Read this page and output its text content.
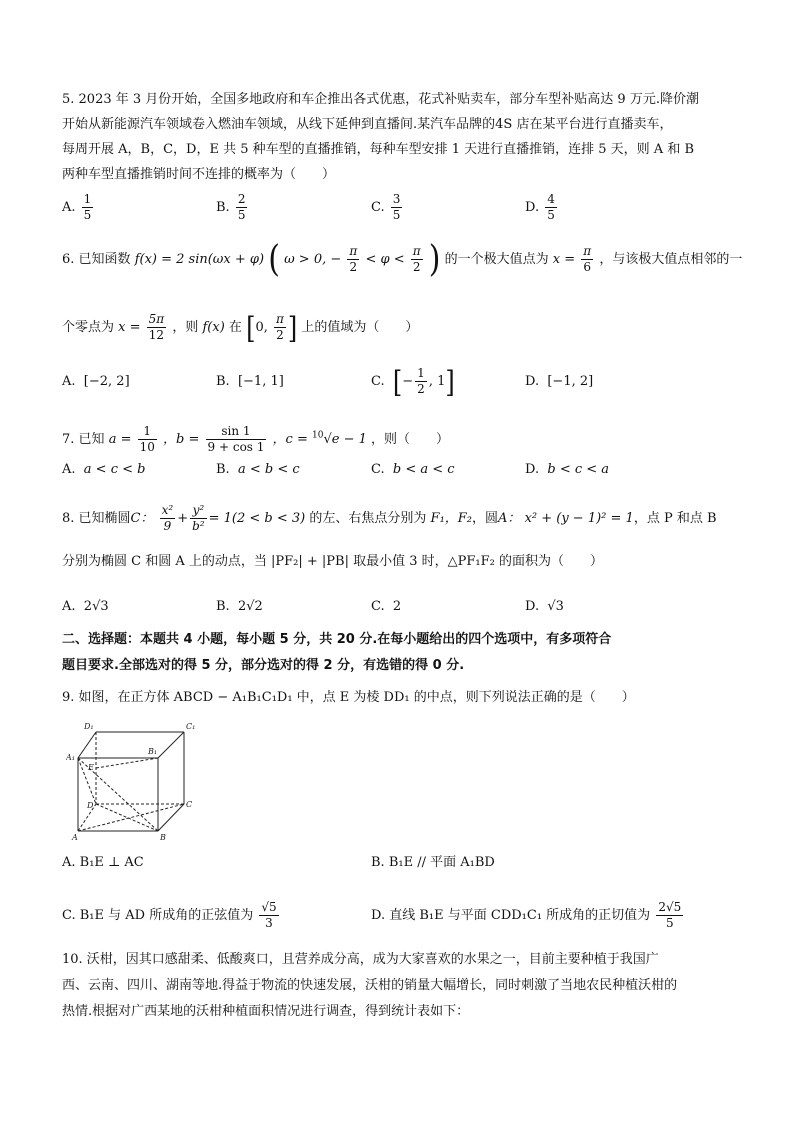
5. 2023 年 3 月份开始，全国多地政府和车企推出各式优惠，花式补贴卖车，部分车型补贴高达 9 万元.降价潮
开始从新能源汽车领域卷入燃油车领域，从线下延伸到直播间.某汽车品牌的4S 店在某平台进行直播卖车，
每周开展 A，B，C，D，E 共 5 种车型的直播推销，每种车型安排 1 天进行直播推销，连排 5 天，则 A 和 B
两种车型直播推销时间不连排的概率为（　　）
A. $\frac{1}{5}$	B. $\frac{2}{5}$	C. $\frac{3}{5}$	D. $\frac{4}{5}$
6. 已知函数 f(x) = 2 sin(ωx + φ) ( ω > 0, − $\frac{\pi}{2} < \varphi < \frac{\pi}{2}$ ) 的一个极大值点为 $x = \frac{\pi}{6}$ ，与该极大值点相邻的一
个零点为 $x = \frac{5\pi}{12}$ ，则 f(x) 在 [0, $\frac{\pi}{2}$ ] 上的值域为（　　）
A. [−2, 2]	B. [−1, 1]	C. [− $\frac{1}{2}$ , 1]	D. [−1, 2]
7. 已知 $a = \frac{1}{10}$ ，$b = \frac{\sin 1}{9 + \cos 1}$ ，c = $^{10}$√e − 1 ，则（　　）
A. a < c < b	B. a < b < c	C. b < a < c	D. b < c < a
8. 已知椭圆C： $\frac{\text{x²}}{9} + \frac{\text{y²}}{\text{b²}} = 1(2 < b < 3)$ 的左、右焦点分别为 F₁，F₂，圆A： x² + (y − 1)² = 1，点 P 和点 B
分别为椭圆 C 和圆 A 上的动点，当 |PF₂| + |PB| 取最小值 3 时，△PF₁F₂ 的面积为（　　）
A. 2√3	B. 2√2	C. 2	D. √3
二、选择题：本题共 4 小题，每小题 5 分，共 20 分.在每小题给出的四个选项中，有多项符合
题目要求.全部选对的得 5 分，部分选对的得 2 分，有选错的得 0 分.
9. 如图，在正方体 ABCD − A₁B₁C₁D₁ 中，点 E 为棱 DD₁ 的中点，则下列说法正确的是（　　）
D₁	C₁
A₁
E
B₁
D	C
A	B
A. B₁E ⊥ AC	B. B₁E // 平面 A₁BD
C. B₁E 与 AD 所成角的正弦值为 $\frac{√5}{3}$	D. 直线 B₁E 与平面 CDD₁C₁ 所成角的正切值为 $\frac{2√5}{5}$
10. 沃柑，因其口感甜柔、低酸爽口，且营养成分高，成为大家喜欢的水果之一，目前主要种植于我国广
西、云南、四川、湖南等地.得益于物流的快速发展，沃柑的销量大幅增长，同时刺激了当地农民种植沃柑的
热情.根据对广西某地的沃柑种植面积情况进行调查，得到统计表如下：
